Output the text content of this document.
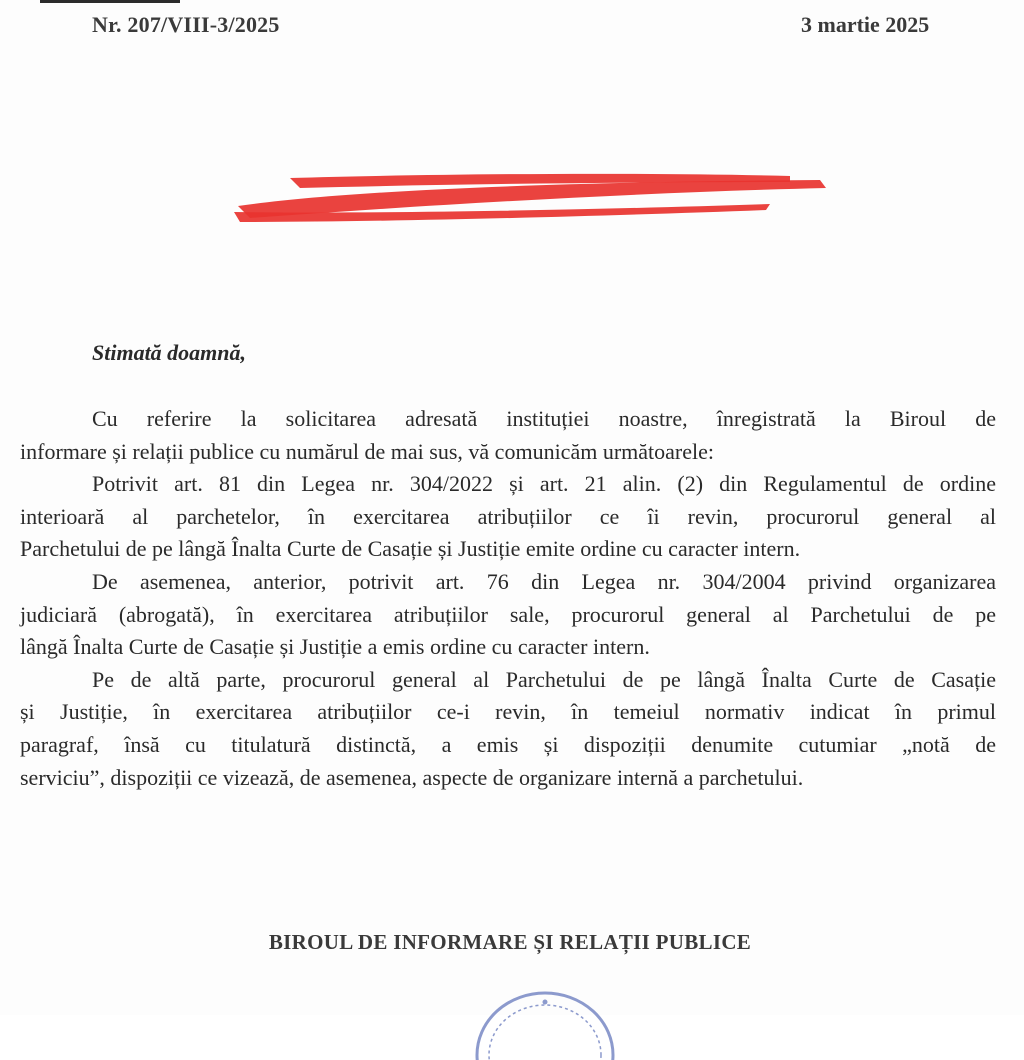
Nr. 207/VIII-3/2025	3 martie 2025
Stimată doamnă,
Cu referire la solicitarea adresată instituției noastre, înregistrată la Biroul de
informare și relații publice cu numărul de mai sus, vă comunicăm următoarele:
Potrivit art. 81 din Legea nr. 304/2022 și art. 21 alin. (2) din Regulamentul de ordine
interioară al parchetelor, în exercitarea atribuțiilor ce îi revin, procurorul general al
Parchetului de pe lângă Înalta Curte de Casație și Justiție emite ordine cu caracter intern.
De asemenea, anterior, potrivit art. 76 din Legea nr. 304/2004 privind organizarea
judiciară (abrogată), în exercitarea atribuțiilor sale, procurorul general al Parchetului de pe
lângă Înalta Curte de Casație și Justiție a emis ordine cu caracter intern.
Pe de altă parte, procurorul general al Parchetului de pe lângă Înalta Curte de Casație
și Justiție, în exercitarea atribuțiilor ce-i revin, în temeiul normativ indicat în primul
paragraf, însă cu titulatură distinctă, a emis și dispoziții denumite cutumiar „notă de
serviciu”, dispoziții ce vizează, de asemenea, aspecte de organizare internă a parchetului.
BIROUL DE INFORMARE ȘI RELAȚII PUBLICE
